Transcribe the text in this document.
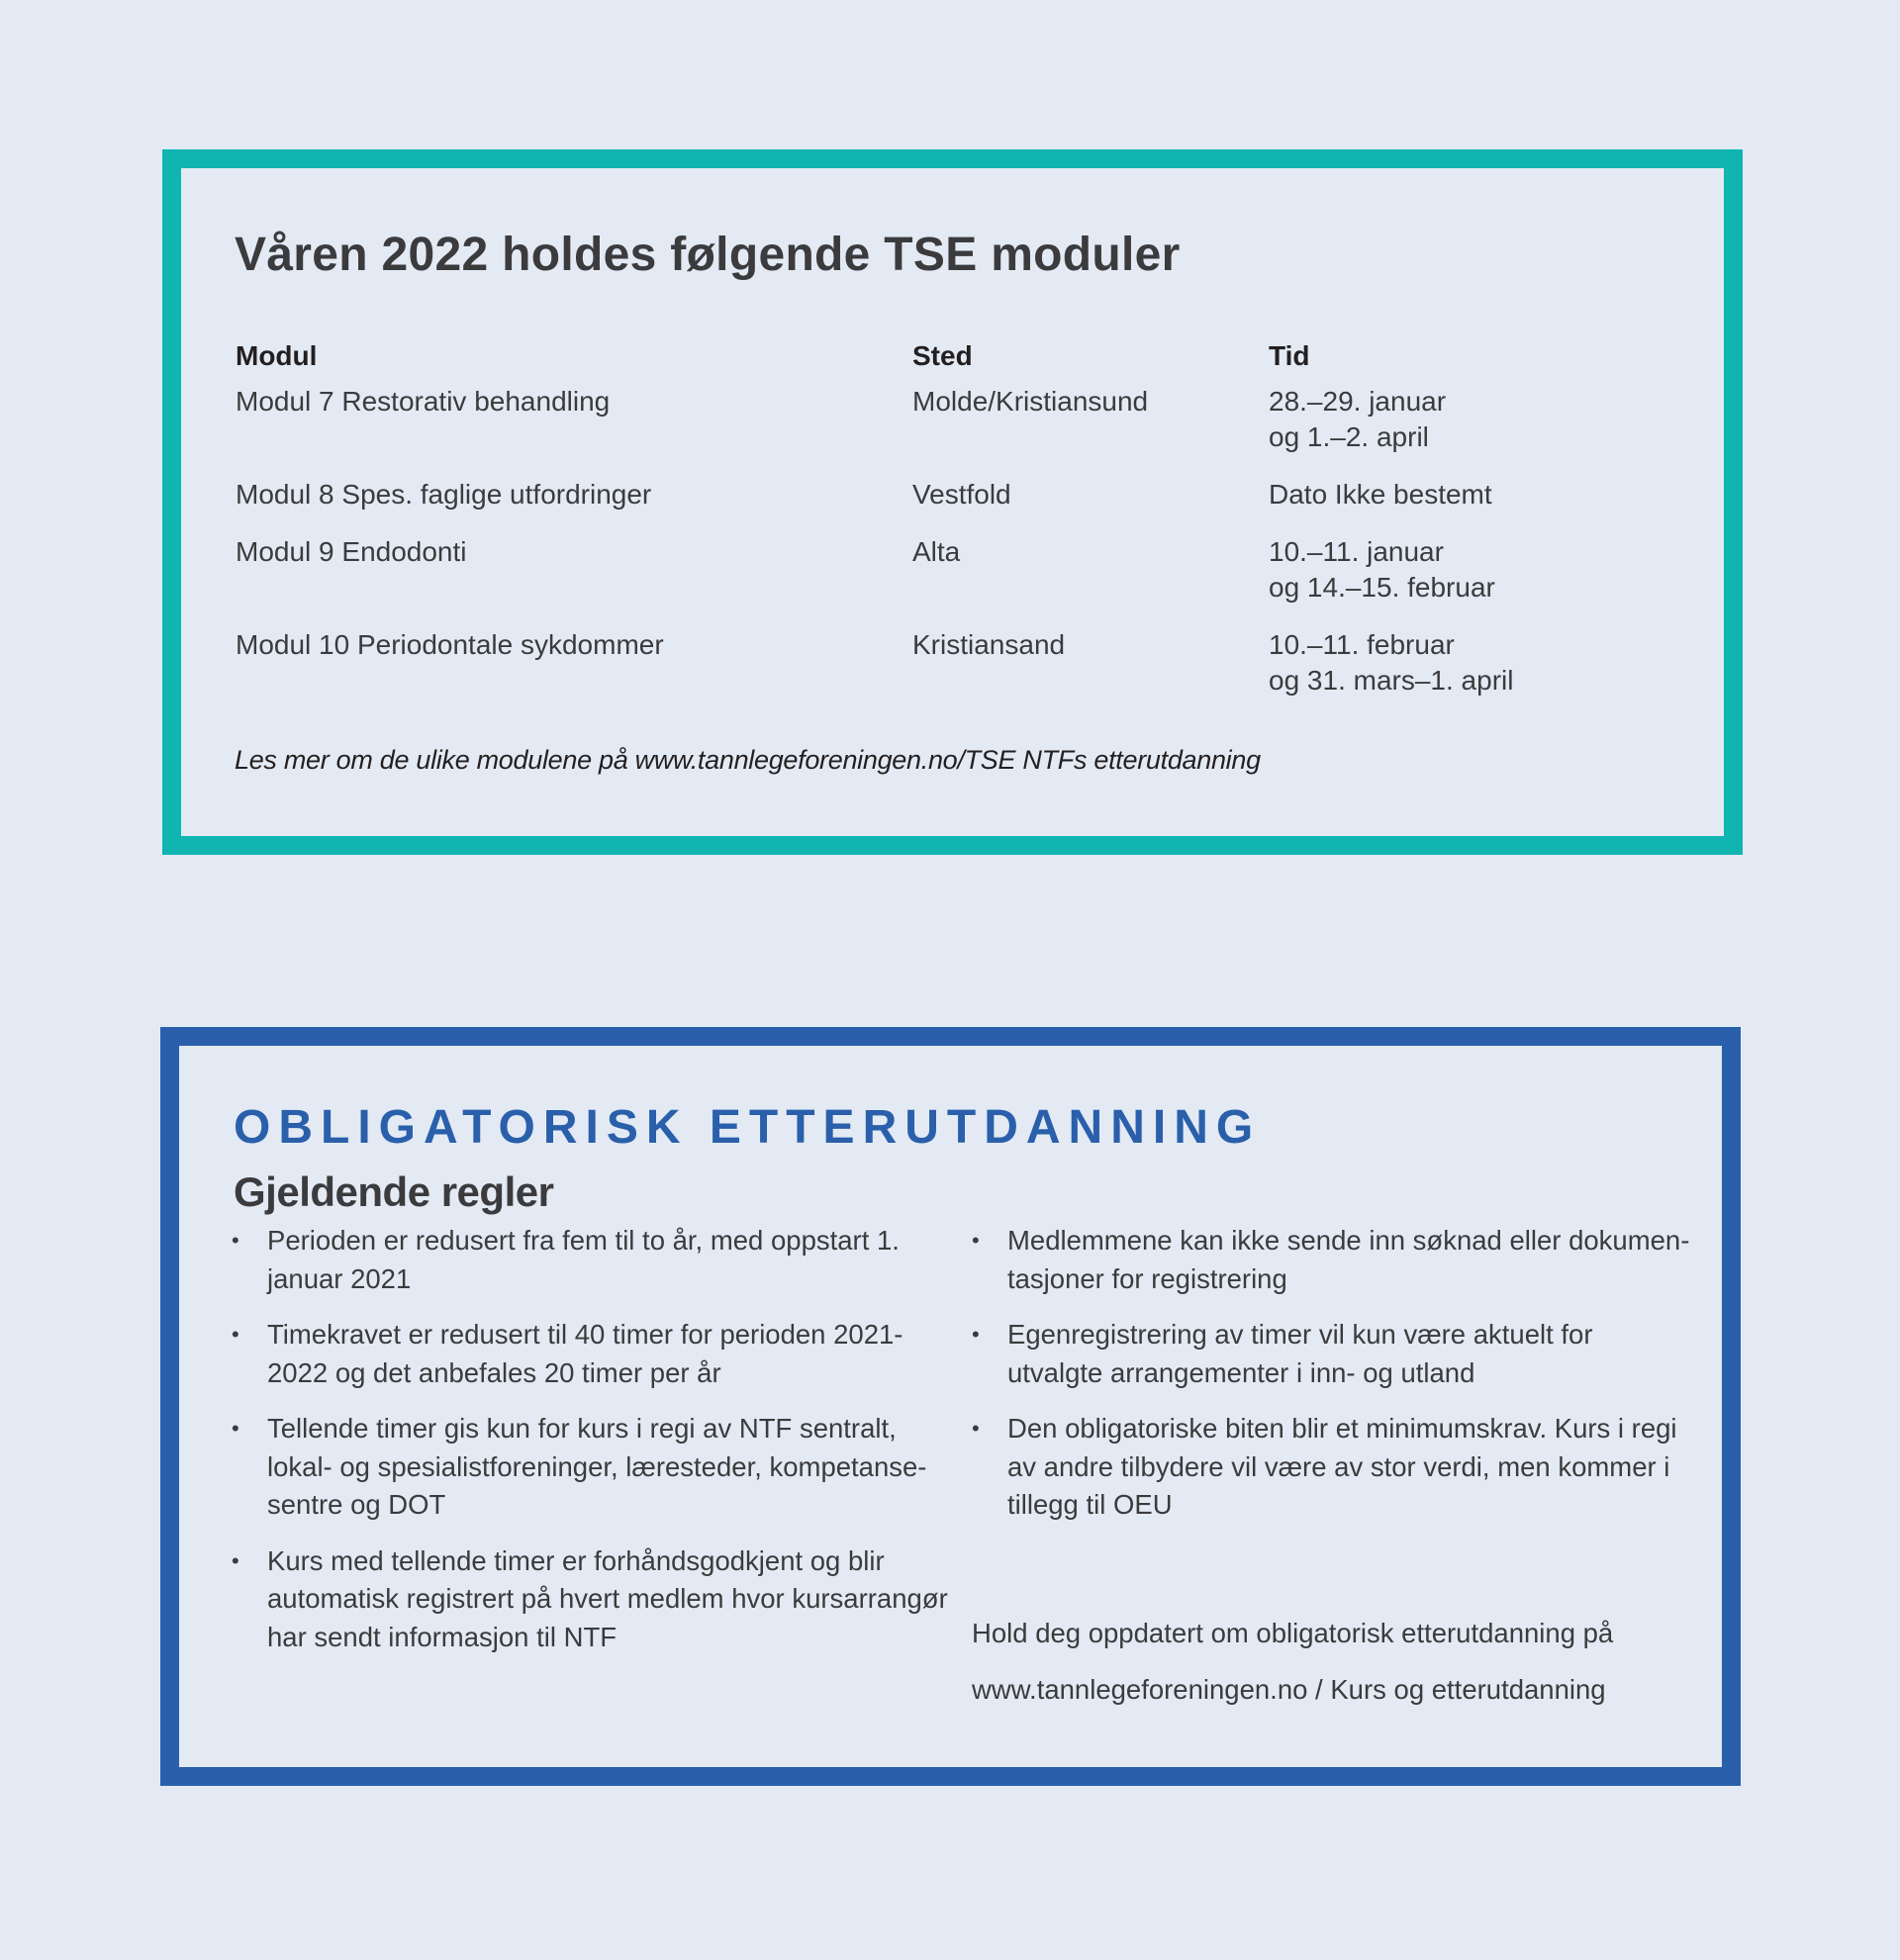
Våren 2022 holdes følgende TSE moduler
Modul	Sted	Tid
Modul 7 Restorativ behandling	Molde/Kristiansund	28.–29. januar
og 1.–2. april
Modul 8 Spes. faglige utfordringer	Vestfold	Dato Ikke bestemt
Modul 9 Endodonti	Alta	10.–11. januar
og 14.–15. februar
Modul 10 Periodontale sykdommer	Kristiansand	10.–11. februar
og 31. mars–1. april
Les mer om de ulike modulene på www.tannlegeforeningen.no/TSE NTFs etterutdanning
OBLIGATORISK ETTERUTDANNING
Gjeldende regler
• Perioden er redusert fra fem til to år, med oppstart 1.
januar 2021
• Timekravet er redusert til 40 timer for perioden 2021-
2022 og det anbefales 20 timer per år
• Tellende timer gis kun for kurs i regi av NTF sentralt,
lokal- og spesialistforeninger, læresteder, kompetanse-
sentre og DOT
• Kurs med tellende timer er forhåndsgodkjent og blir
automatisk registrert på hvert medlem hvor kursarrangør
har sendt informasjon til NTF
• Medlemmene kan ikke sende inn søknad eller dokumen-
tasjoner for registrering
• Egenregistrering av timer vil kun være aktuelt for
utvalgte arrangementer i inn- og utland
• Den obligatoriske biten blir et minimumskrav. Kurs i regi
av andre tilbydere vil være av stor verdi, men kommer i
tillegg til OEU
Hold deg oppdatert om obligatorisk etterutdanning på
www.tannlegeforeningen.no / Kurs og etterutdanning
